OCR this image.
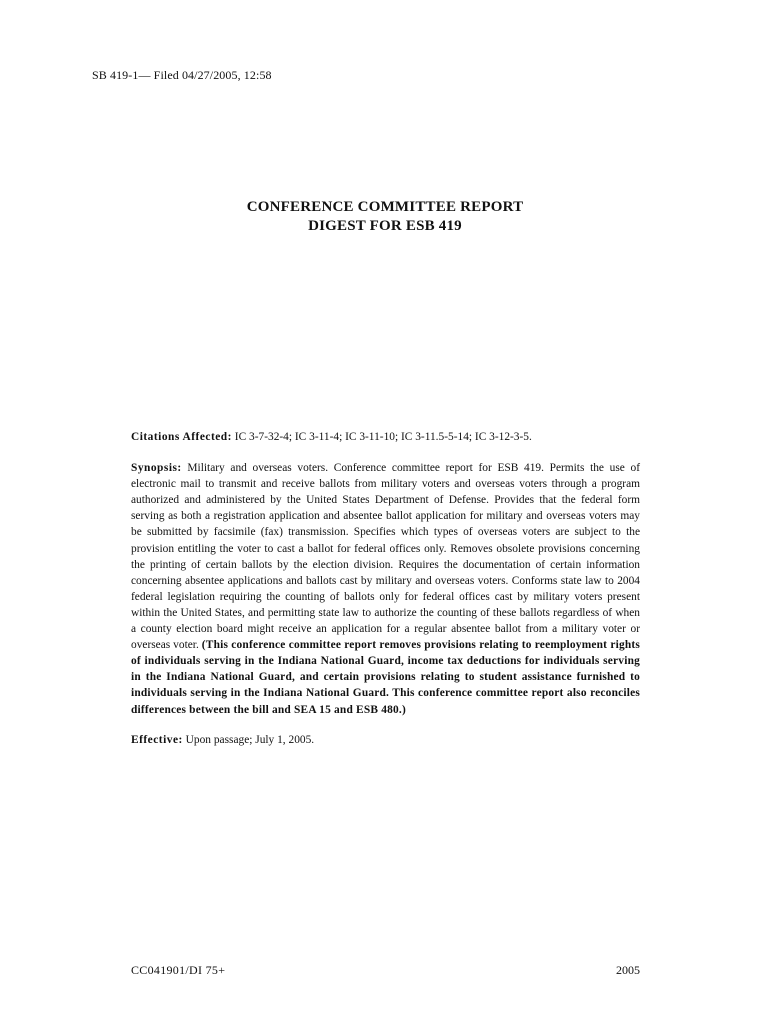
SB 419-1— Filed 04/27/2005, 12:58
CONFERENCE COMMITTEE REPORT
DIGEST FOR ESB 419

Citations Affected: IC 3-7-32-4; IC 3-11-4; IC 3-11-10; IC 3-11.5-5-14; IC 3-12-3-5.

Synopsis: Military and overseas voters. Conference committee report for ESB 419. Permits the use of electronic mail to transmit and receive ballots from military voters and overseas voters through a program authorized and administered by the United States Department of Defense. Provides that the federal form serving as both a registration application and absentee ballot application for military and overseas voters may be submitted by facsimile (fax) transmission. Specifies which types of overseas voters are subject to the provision entitling the voter to cast a ballot for federal offices only. Removes obsolete provisions concerning the printing of certain ballots by the election division. Requires the documentation of certain information concerning absentee applications and ballots cast by military and overseas voters. Conforms state law to 2004 federal legislation requiring the counting of ballots only for federal offices cast by military voters present within the United States, and permitting state law to authorize the counting of these ballots regardless of when a county election board might receive an application for a regular absentee ballot from a military voter or overseas voter. (This conference committee report removes provisions relating to reemployment rights of individuals serving in the Indiana National Guard, income tax deductions for individuals serving in the Indiana National Guard, and certain provisions relating to student assistance furnished to individuals serving in the Indiana National Guard. This conference committee report also reconciles differences between the bill and SEA 15 and ESB 480.)

Effective: Upon passage; July 1, 2005.

CC041901/DI 75+	2005
